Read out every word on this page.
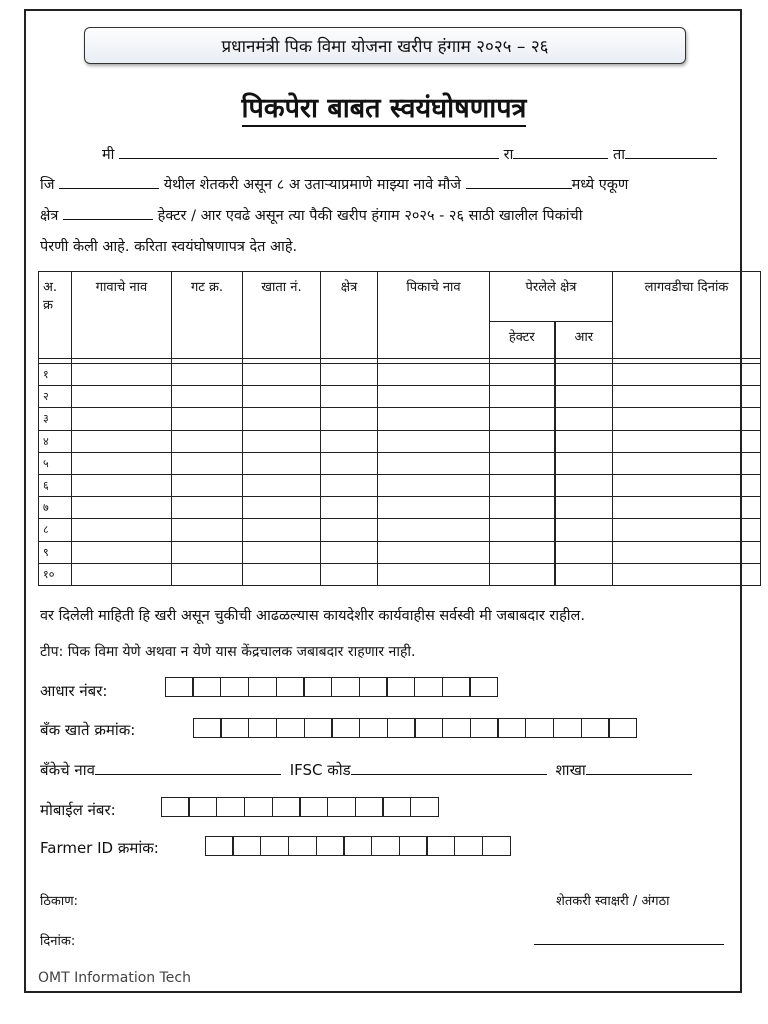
प्रधानमंत्री पिक विमा योजना खरीप हंगाम २०२५ – २६
पिकपेरा बाबत स्वयंघोषणापत्र
मी	रा	ता
जि	येथील शेतकरी असून ८ अ उताऱ्याप्रमाणे माझ्या नावे मौजे	मध्ये एकूण
क्षेत्र	हेक्टर / आर एवढे असून त्या पैकी खरीप हंगाम २०२५ - २६ साठी खालील पिकांची
पेरणी केली आहे. करिता स्वयंघोषणापत्र देत आहे.
अ. क्र	गावाचे नाव	गट क्र.	खाता नं.	क्षेत्र	पिकाचे नाव	पेरलेले क्षेत्र		लागवडीचा दिनांक
						हेक्टर	आर	

१								
२								
३								
४								
५								
६								
७								
८								
९								
१०								
वर दिलेली माहिती हि खरी असून चुकीची आढळल्यास कायदेशीर कार्यवाहीस सर्वस्वी मी जबाबदार राहील.
टीप: पिक विमा येणे अथवा न येणे यास केंद्रचालक जबाबदार राहणार नाही.
आधार नंबर:
बँक खाते क्रमांक:
बँकेचे नाव	IFSC कोड	शाखा
मोबाईल नंबर:
Farmer ID क्रमांक:
ठिकाण:	शेतकरी स्वाक्षरी / अंगठा
दिनांक:
OMT Information Tech
